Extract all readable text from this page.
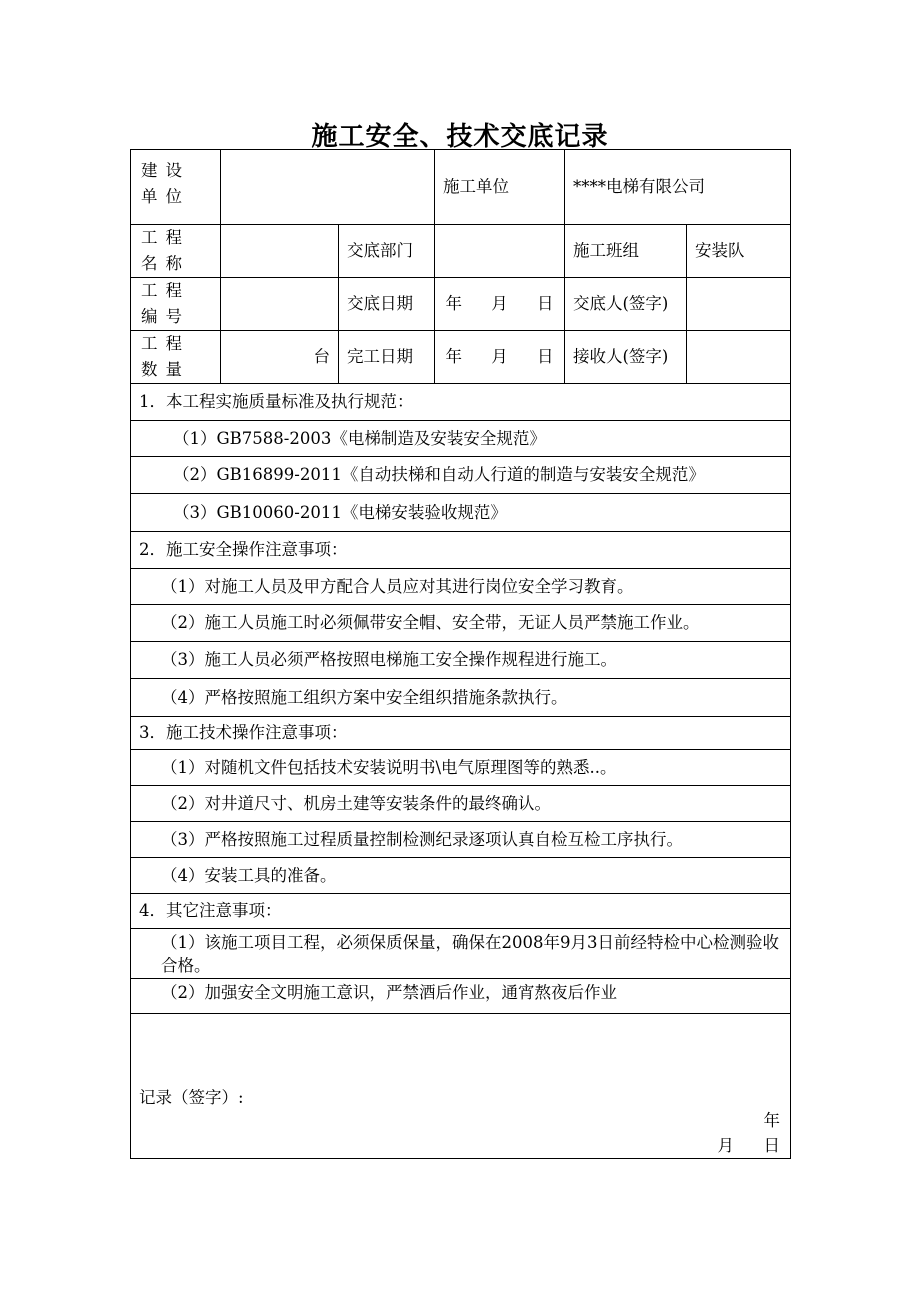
施工安全、技术交底记录
建设单位			施工单位	****电梯有限公司	
工程名称		交底部门		施工班组	安装队
工程编号		交底日期	年 月 日	交底人(签字)	
工程数量	台	完工日期	年 月 日	接收人(签字)	
1．本工程实施质量标准及执行规范：					
（1）GB7588-2003《电梯制造及安装安全规范》					
（2）GB16899-2011《自动扶梯和自动人行道的制造与安装安全规范》					
（3）GB10060-2011《电梯安装验收规范》					
2．施工安全操作注意事项：					
（1）对施工人员及甲方配合人员应对其进行岗位安全学习教育。					
（2）施工人员施工时必须佩带安全帽、安全带，无证人员严禁施工作业。					
（3）施工人员必须严格按照电梯施工安全操作规程进行施工。					
（4）严格按照施工组织方案中安全组织措施条款执行。					
3．施工技术操作注意事项：					
（1）对随机文件包括技术安装说明书\电气原理图等的熟悉..。					
（2）对井道尺寸、机房土建等安装条件的最终确认。					
（3）严格按照施工过程质量控制检测纪录逐项认真自检互检工序执行。					
（4）安装工具的准备。					
4．其它注意事项：					
（1）该施工项目工程，必须保质保量，确保在2008年9月3日前经特检中心检测验收合格。					
（2）加强安全文明施工意识，严禁酒后作业，通宵熬夜后作业					

记录（签字）:
年
月 日					
